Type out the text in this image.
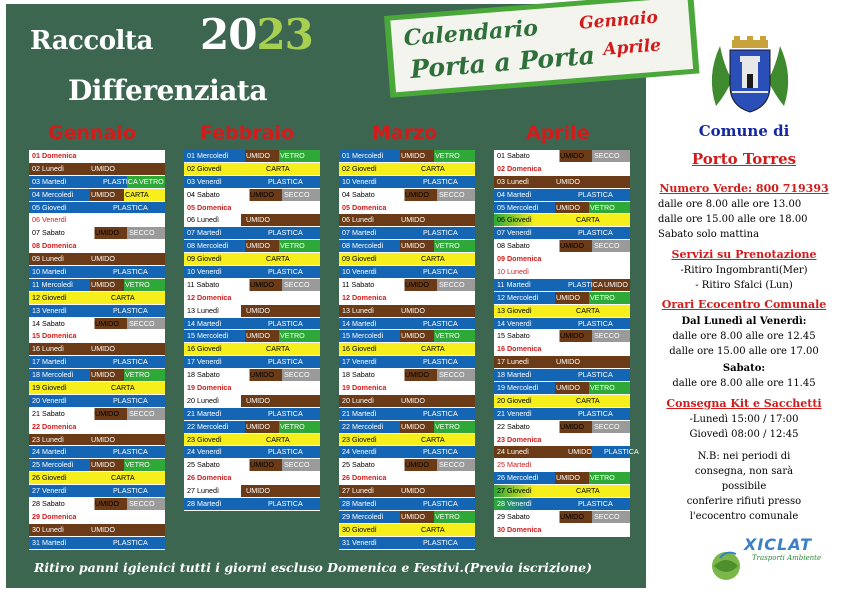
Raccolta 2023
Differenziata
Calendario Gennaio
Porta a Porta Aprile
Gennaio	Febbraio	Marzo	Aprile
01 Domenica
02 Lunedì	UMIDO
03 Martedì	PLASTICA VETRO
04 Mercoledì UMIDO CARTA
05 Giovedì	PLASTICA
06 Venerdì
07 Sabato	UMIDO SECCO
08 Domenica
09 Lunedì	UMIDO
10 Martedì	PLASTICA
11 Mercoledì UMIDO VETRO
12 Giovedì	CARTA
13 Venerdì	PLASTICA
14 Sabato	UMIDO SECCO
15 Domenica
16 Lunedì	UMIDO
17 Martedì	PLASTICA
18 Mercoledì UMIDO VETRO
19 Giovedì	CARTA
20 Venerdì	PLASTICA
21 Sabato	UMIDO SECCO
22 Domenica
23 Lunedì	UMIDO
24 Martedì	PLASTICA
25 Mercoledì UMIDO VETRO
26 Giovedì	CARTA
27 Venerdì	PLASTICA
28 Sabato	UMIDO SECCO
29 Domenica
30 Lunedì	UMIDO
31 Martedì	PLASTICA
01 Mercoledì UMIDO VETRO
02 Giovedì	CARTA
03 Venerdì	PLASTICA
04 Sabato	UMIDO SECCO
05 Domenica
06 Lunedì	UMIDO
07 Martedì	PLASTICA
08 Mercoledì UMIDO VETRO
09 Giovedì	CARTA
10 Venerdì	PLASTICA
11 Sabato	UMIDO SECCO
12 Domenica
13 Lunedì	UMIDO
14 Martedì	PLASTICA
15 Mercoledì UMIDO VETRO
16 Giovedì	CARTA
17 Venerdì	PLASTICA
18 Sabato	UMIDO SECCO
19 Domenica
20 Lunedì	UMIDO
21 Martedì	PLASTICA
22 Mercoledì UMIDO VETRO
23 Giovedì	CARTA
24 Venerdì	PLASTICA
25 Sabato	UMIDO SECCO
26 Domenica
27 Lunedì	UMIDO
28 Martedì	PLASTICA
01 Mercoledì UMIDO VETRO
02 Giovedì	CARTA
10 Venerdì	PLASTICA
04 Sabato	UMIDO SECCO
05 Domenica
06 Lunedì	UMIDO
07 Martedì	PLASTICA
08 Mercoledì UMIDO VETRO
09 Giovedì	CARTA
10 Venerdì	PLASTICA
11 Sabato	UMIDO SECCO
12 Domenica
13 Lunedì	UMIDO
14 Martedì	PLASTICA
15 Mercoledì UMIDO VETRO
16 Giovedì	CARTA
17 Venerdì	PLASTICA
18 Sabato	UMIDO SECCO
19 Domenica
20 Lunedì	UMIDO
21 Martedì	PLASTICA
22 Mercoledì UMIDO VETRO
23 Giovedì	CARTA
24 Venerdì	PLASTICA
25 Sabato	UMIDO SECCO
26 Domenica
27 Lunedì	UMIDO
28 Martedì	PLASTICA
29 Mercoledì UMIDO VETRO
30 Giovedì	CARTA
31 Venerdì	PLASTICA
01 Sabato	UMIDO SECCO
02 Domenica
03 Lunedì	UMIDO
04 Martedì	PLASTICA
05 Mercoledì UMIDO VETRO
06 Giovedì	CARTA
07 Venerdì	PLASTICA
08 Sabato	UMIDO SECCO
09 Domenica
10 Lunedì
11 Martedì	PLASTICA UMIDO
12 Mercoledì UMIDO VETRO
13 Giovedì	CARTA
14 Venerdì	PLASTICA
15 Sabato	UMIDO SECCO
16 Domenica
17 Lunedì	UMIDO
18 Martedì	PLASTICA
19 Mercoledì UMIDO VETRO
20 Giovedì	CARTA
21 Venerdì	PLASTICA
22 Sabato	UMIDO SECCO
23 Domenica
24 Lunedì	UMIDO PLASTICA
25 Martedì
26 Mercoledì UMIDO VETRO
27 Giovedì	CARTA
28 Venerdì	PLASTICA
29 Sabato	UMIDO SECCO
30 Domenica
Ritiro panni igienici tutti i giorni escluso Domenica e Festivi.(Previa iscrizione)
Comune di
Porto Torres
Numero Verde: 800 719393
dalle ore 8.00 alle ore 13.00
dalle ore 15.00 alle ore 18.00
Sabato solo mattina
Servizi su Prenotazione
-Ritiro Ingombranti(Mer)
- Ritiro Sfalci (Lun)
Orari Ecocentro Comunale
Dal Lunedì al Venerdì:
dalle ore 8.00 alle ore 12.45
dalle ore 15.00 alle ore 17.00
Sabato:
dalle ore 8.00 alle ore 11.45
Consegna Kit e Sacchetti
-Lunedì 15:00 / 17:00
Giovedì 08:00 / 12:45
N.B: nei periodi di
consegna, non sarà
possibile
conferire rifiuti presso
l'ecocentro comunale
XICLAT
Trasporti Ambiente
